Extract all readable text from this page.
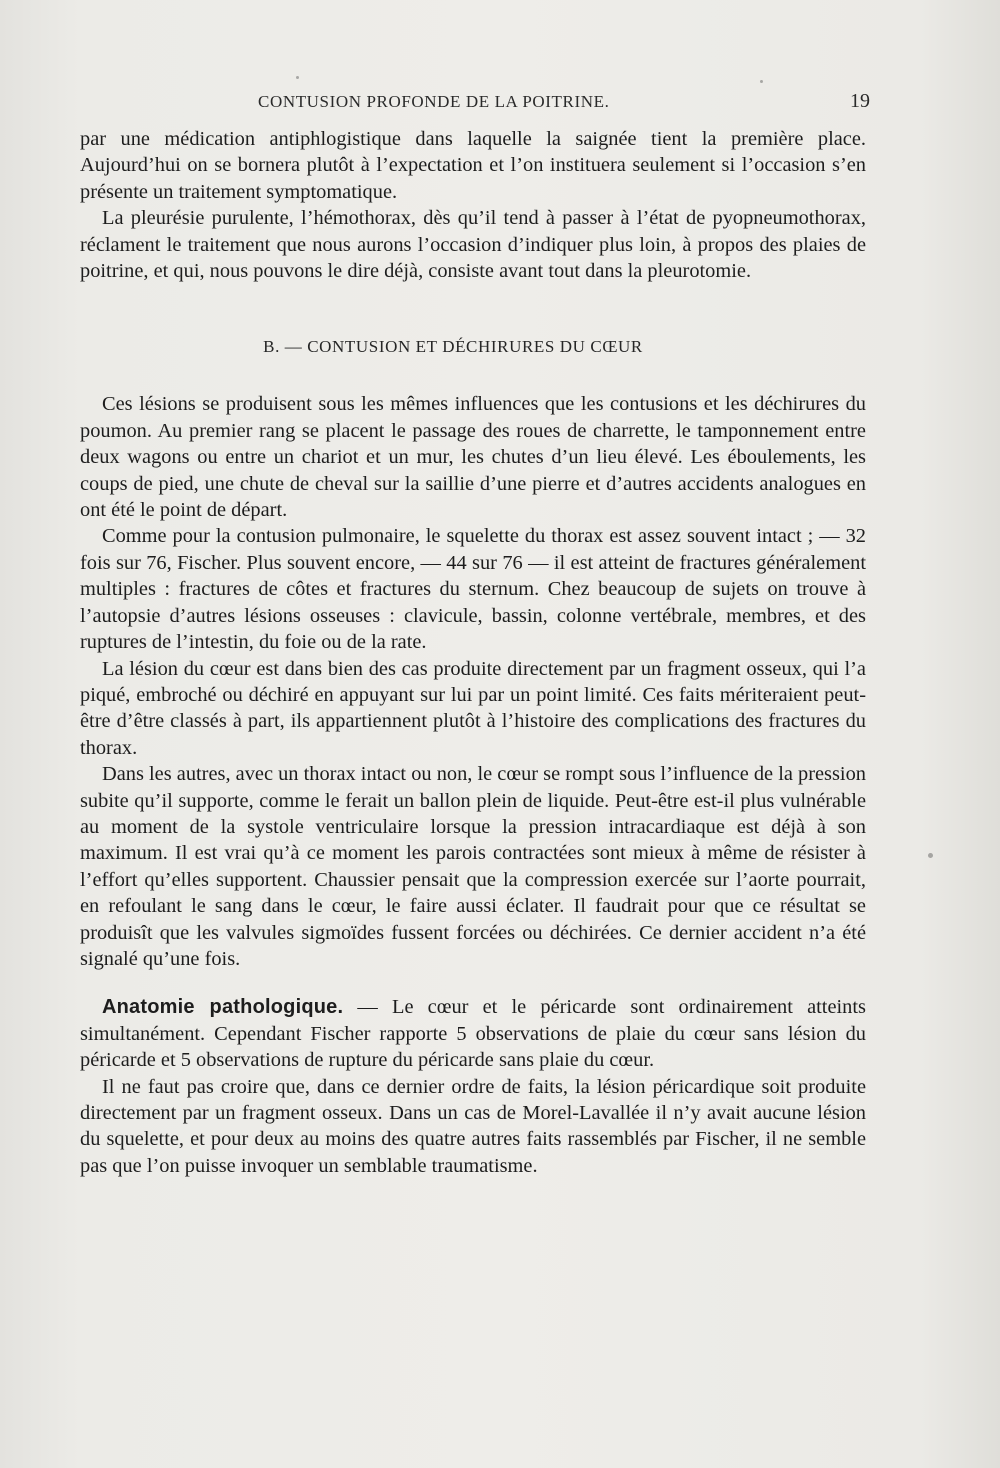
CONTUSION PROFONDE DE LA POITRINE.	19

par une médication antiphlogistique dans laquelle la saignée tient la première place. Aujourd’hui on se bornera plutôt à l’expectation et l’on instituera seulement si l’occasion s’en présente un traitement symptomatique.

La pleurésie purulente, l’hémothorax, dès qu’il tend à passer à l’état de pyopneumothorax, réclament le traitement que nous aurons l’occasion d’indiquer plus loin, à propos des plaies de poitrine, et qui, nous pouvons le dire déjà, consiste avant tout dans la pleurotomie.

B. — CONTUSION ET DÉCHIRURES DU CŒUR

Ces lésions se produisent sous les mêmes influences que les contusions et les déchirures du poumon. Au premier rang se placent le passage des roues de charrette, le tamponnement entre deux wagons ou entre un chariot et un mur, les chutes d’un lieu élevé. Les éboulements, les coups de pied, une chute de cheval sur la saillie d’une pierre et d’autres accidents analogues en ont été le point de départ.

Comme pour la contusion pulmonaire, le squelette du thorax est assez souvent intact ; — 32 fois sur 76, Fischer. Plus souvent encore, — 44 sur 76 — il est atteint de fractures généralement multiples : fractures de côtes et fractures du sternum. Chez beaucoup de sujets on trouve à l’autopsie d’autres lésions osseuses : clavicule, bassin, colonne vertébrale, membres, et des ruptures de l’intestin, du foie ou de la rate.

La lésion du cœur est dans bien des cas produite directement par un fragment osseux, qui l’a piqué, embroché ou déchiré en appuyant sur lui par un point limité. Ces faits mériteraient peut-être d’être classés à part, ils appartiennent plutôt à l’histoire des complications des fractures du thorax.

Dans les autres, avec un thorax intact ou non, le cœur se rompt sous l’influence de la pression subite qu’il supporte, comme le ferait un ballon plein de liquide. Peut-être est-il plus vulnérable au moment de la systole ventriculaire lorsque la pression intracardiaque est déjà à son maximum. Il est vrai qu’à ce moment les parois contractées sont mieux à même de résister à l’effort qu’elles supportent. Chaussier pensait que la compression exercée sur l’aorte pourrait, en refoulant le sang dans le cœur, le faire aussi éclater. Il faudrait pour que ce résultat se produisît que les valvules sigmoïdes fussent forcées ou déchirées. Ce dernier accident n’a été signalé qu’une fois.

Anatomie pathologique. — Le cœur et le péricarde sont ordinairement atteints simultanément. Cependant Fischer rapporte 5 observations de plaie du cœur sans lésion du péricarde et 5 observations de rupture du péricarde sans plaie du cœur.

Il ne faut pas croire que, dans ce dernier ordre de faits, la lésion péricardique soit produite directement par un fragment osseux. Dans un cas de Morel-Lavallée il n’y avait aucune lésion du squelette, et pour deux au moins des quatre autres faits rassemblés par Fischer, il ne semble pas que l’on puisse invoquer un semblable traumatisme.
